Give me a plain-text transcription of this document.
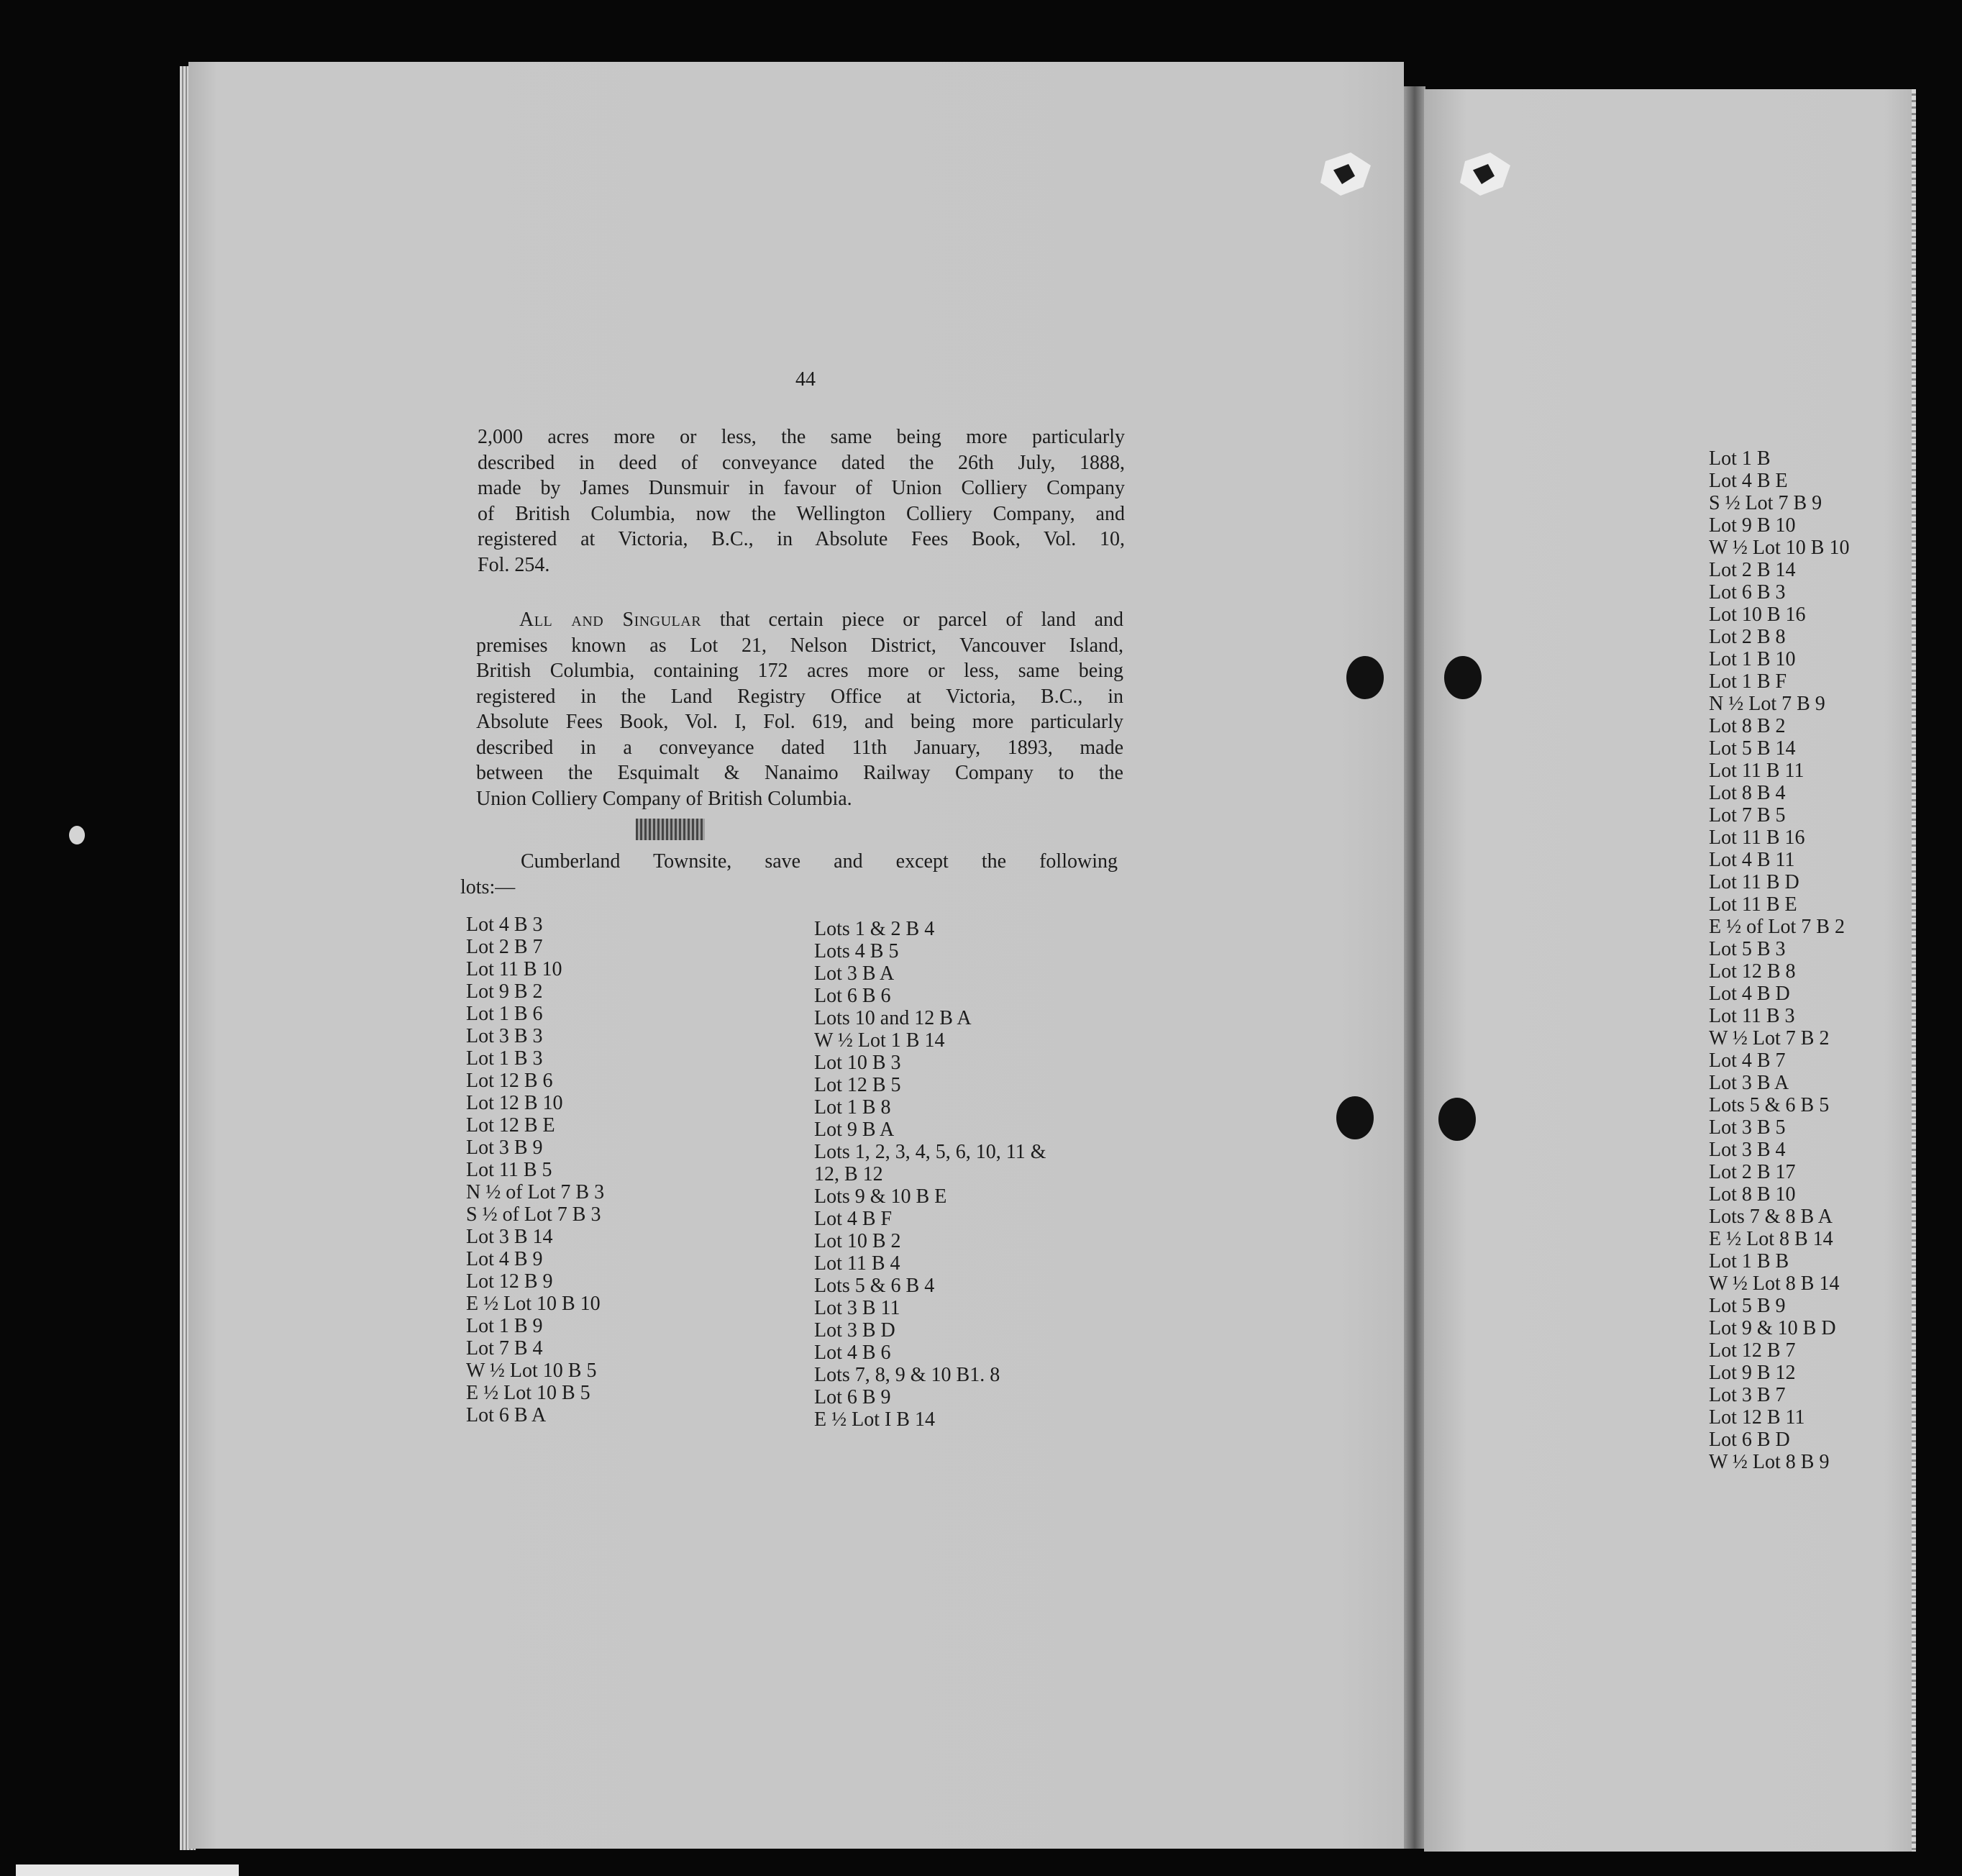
44
2,000 acres more or less, the same being more particularly
described in deed of conveyance dated the 26th July, 1888,
made by James Dunsmuir in favour of Union Colliery Company
of British Columbia, now the Wellington Colliery Company, and
registered at Victoria, B.C., in Absolute Fees Book, Vol. 10,
Fol. 254.
All and Singular that certain piece or parcel of land and
premises known as Lot 21, Nelson District, Vancouver Island,
British Columbia, containing 172 acres more or less, same being
registered in the Land Registry Office at Victoria, B.C., in
Absolute Fees Book, Vol. I, Fol. 619, and being more particularly
described in a conveyance dated 11th January, 1893, made
between the Esquimalt & Nanaimo Railway Company to the
Union Colliery Company of British Columbia.
Cumberland Townsite, save and except the following
lots:—
Lot 4 B 3
Lot 2 B 7
Lot 11 B 10
Lot 9 B 2
Lot 1 B 6
Lot 3 B 3
Lot 1 B 3
Lot 12 B 6
Lot 12 B 10
Lot 12 B E
Lot 3 B 9
Lot 11 B 5
N ½ of Lot 7 B 3
S ½ of Lot 7 B 3
Lot 3 B 14
Lot 4 B 9
Lot 12 B 9
E ½ Lot 10 B 10
Lot 1 B 9
Lot 7 B 4
W ½ Lot 10 B 5
E ½ Lot 10 B 5
Lot 6 B A
Lots 1 & 2 B 4
Lots 4 B 5
Lot 3 B A
Lot 6 B 6
Lots 10 and 12 B A
W ½ Lot 1 B 14
Lot 10 B 3
Lot 12 B 5
Lot 1 B 8
Lot 9 B A
Lots 1, 2, 3, 4, 5, 6, 10, 11 &
12, B 12
Lots 9 & 10 B E
Lot 4 B F
Lot 10 B 2
Lot 11 B 4
Lots 5 & 6 B 4
Lot 3 B 11
Lot 3 B D
Lot 4 B 6
Lots 7, 8, 9 & 10 B1. 8
Lot 6 B 9
E ½ Lot I B 14
Lot 1 B
Lot 4 B E
S ½ Lot 7 B 9
Lot 9 B 10
W ½ Lot 10 B 10
Lot 2 B 14
Lot 6 B 3
Lot 10 B 16
Lot 2 B 8
Lot 1 B 10
Lot 1 B F
N ½ Lot 7 B 9
Lot 8 B 2
Lot 5 B 14
Lot 11 B 11
Lot 8 B 4
Lot 7 B 5
Lot 11 B 16
Lot 4 B 11
Lot 11 B D
Lot 11 B E
E ½ of Lot 7 B 2
Lot 5 B 3
Lot 12 B 8
Lot 4 B D
Lot 11 B 3
W ½ Lot 7 B 2
Lot 4 B 7
Lot 3 B A
Lots 5 & 6 B 5
Lot 3 B 5
Lot 3 B 4
Lot 2 B 17
Lot 8 B 10
Lots 7 & 8 B A
E ½ Lot 8 B 14
Lot 1 B B
W ½ Lot 8 B 14
Lot 5 B 9
Lot 9 & 10 B D
Lot 12 B 7
Lot 9 B 12
Lot 3 B 7
Lot 12 B 11
Lot 6 B D
W ½ Lot 8 B 9
